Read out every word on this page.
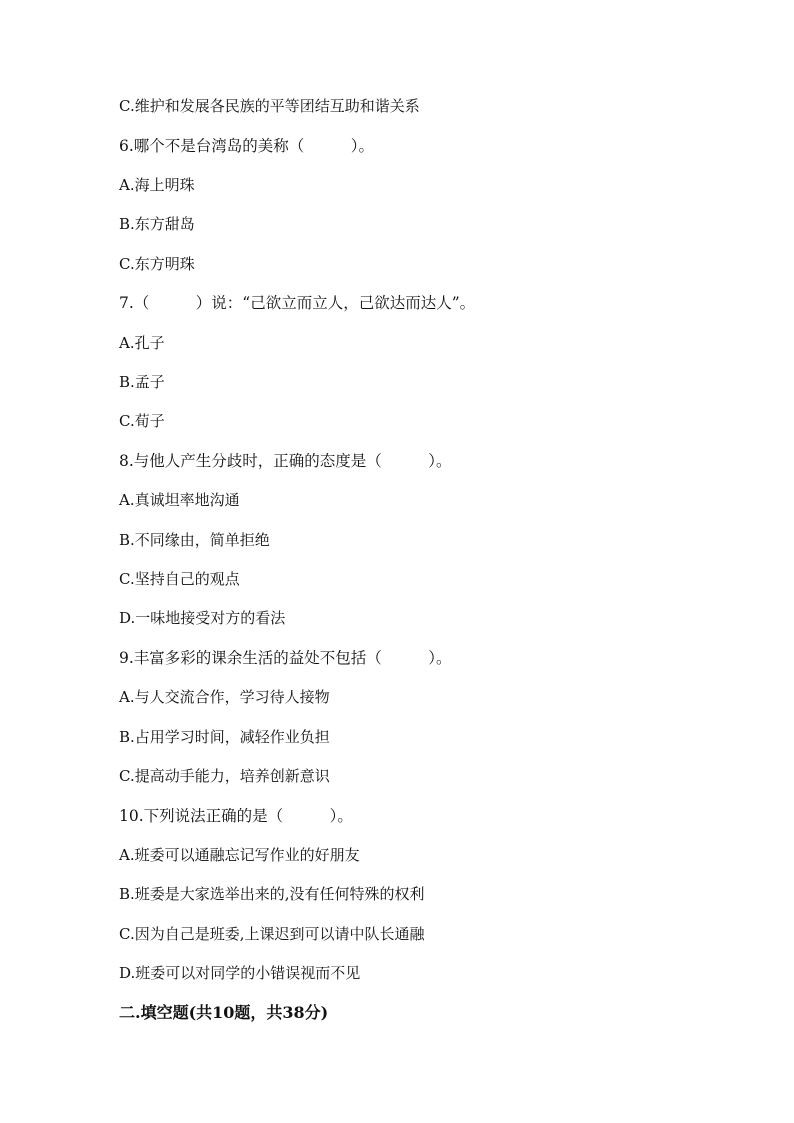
C.维护和发展各民族的平等团结互助和谐关系
6.哪个不是台湾岛的美称（　　　）。
A.海上明珠
B.东方甜岛
C.东方明珠
7.（　　　）说：“己欲立而立人，己欲达而达人”。
A.孔子
B.孟子
C.荀子
8.与他人产生分歧时，正确的态度是（　　　）。
A.真诚坦率地沟通
B.不同缘由，简单拒绝
C.坚持自己的观点
D.一味地接受对方的看法
9.丰富多彩的课余生活的益处不包括（　　　）。
A.与人交流合作，学习待人接物
B.占用学习时间，减轻作业负担
C.提高动手能力，培养创新意识
10.下列说法正确的是（　　　）。
A.班委可以通融忘记写作业的好朋友
B.班委是大家选举出来的,没有任何特殊的权利
C.因为自己是班委,上课迟到可以请中队长通融
D.班委可以对同学的小错误视而不见
二.填空题(共10题，共38分)
